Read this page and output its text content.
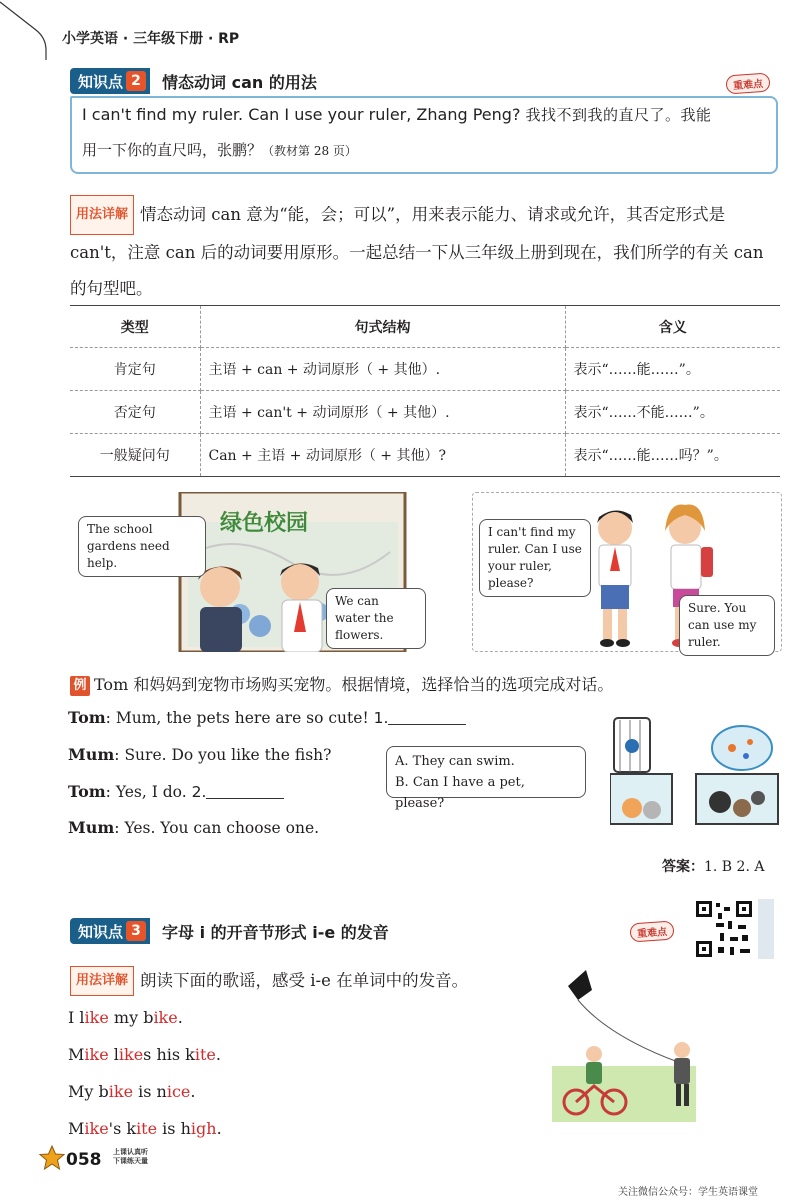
小学英语 · 三年级下册 · RP
知识点 2	情态动词 can 的用法	重难点
I can't find my ruler. Can I use your ruler, Zhang Peng? 我找不到我的直尺了。我能
用一下你的直尺吗，张鹏？（教材第 28 页）
用法详解 情态动词 can 意为“能，会；可以”，用来表示能力、请求或允许，其否定形式是 can't，注意 can 后的动词要用原形。一起总结一下从三年级上册到现在，我们所学的有关 can 的句型吧。
类型	句式结构	含义
肯定句	主语 + can + 动词原形（ + 其他）.	表示“……能……”。
否定句	主语 + can't + 动词原形（ + 其他）.	表示“……不能……”。
一般疑问句	Can + 主语 + 动词原形（ + 其他）?	表示“……能……吗？”。
绿色校园
The school gardens need help.
We can water the flowers.
I can't find my ruler. Can I use your ruler, please?
Sure. You can use my ruler.
例 Tom 和妈妈到宠物市场购买宠物。根据情境，选择恰当的选项完成对话。
Tom: Mum, the pets here are so cute! 1.
Mum: Sure. Do you like the fish?
Tom: Yes, I do. 2.
Mum: Yes. You can choose one.
A. They can swim.
B. Can I have a pet, please?
答案：1. B 2. A
知识点 3	字母 i 的开音节形式 i-e 的发音	重难点
用法详解 朗读下面的歌谣，感受 i-e 在单词中的发音。
I like my bike.
Mike likes his kite.
My bike is nice.
Mike's kite is high.
058 上课认真听
下课练天量
关注微信公众号：学生英语课堂
